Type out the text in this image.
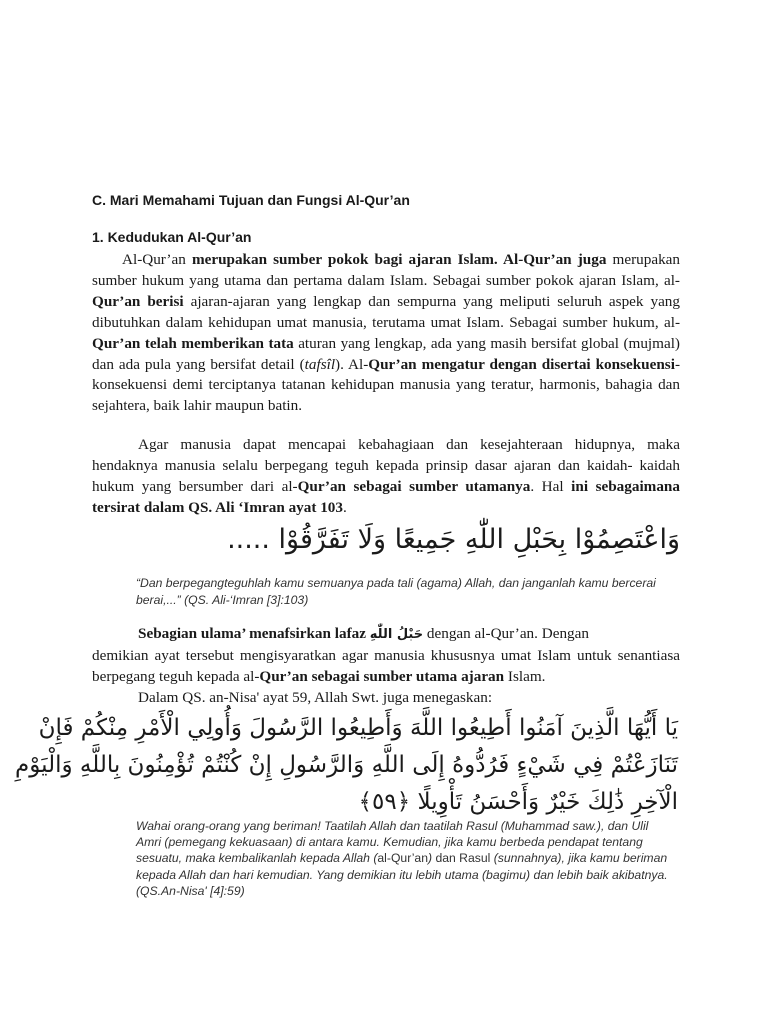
C. Mari Memahami Tujuan dan Fungsi Al-Qur’an
1. Kedudukan Al-Qur’an

Al-Qur’an merupakan sumber pokok bagi ajaran Islam. Al-Qur’an juga merupakan sumber hukum yang utama dan pertama dalam Islam. Sebagai sumber pokok ajaran Islam, al-Qur’an berisi ajaran-ajaran yang lengkap dan sempurna yang meliputi seluruh aspek yang dibutuhkan dalam kehidupan umat manusia, terutama umat Islam. Sebagai sumber hukum, al-Qur’an telah memberikan tata aturan yang lengkap, ada yang masih bersifat global (mujmal) dan ada pula yang bersifat detail (tafsîl). Al-Qur’an mengatur dengan disertai konsekuensi-konsekuensi demi terciptanya tatanan kehidupan manusia yang teratur, harmonis, bahagia dan sejahtera, baik lahir maupun batin.

Agar manusia dapat mencapai kebahagiaan dan kesejahteraan hidupnya, maka hendaknya manusia selalu berpegang teguh kepada prinsip dasar ajaran dan kaidah- kaidah hukum yang bersumber dari al-Qur’an sebagai sumber utamanya. Hal ini sebagaimana tersirat dalam QS. Ali ‘Imran ayat 103.

وَاعْتَصِمُوْا بِحَبْلِ اللّٰهِ جَمِيعًا وَلَا تَفَرَّقُوْا .....

“Dan berpegangteguhlah kamu semuanya pada tali (agama) Allah, dan janganlah kamu bercerai berai,...” (QS. Ali-‘Imran [3]:103)

Sebagian ulama’ menafsirkan lafaz حَبْلُ اللّٰهِ dengan al-Qur’an. Dengan
demikian ayat tersebut mengisyaratkan agar manusia khususnya umat Islam untuk senantiasa berpegang teguh kepada al-Qur’an sebagai sumber utama ajaran Islam.
Dalam QS. an-Nisa' ayat 59, Allah Swt. juga menegaskan:
يَا أَيُّهَا الَّذِينَ آمَنُوا أَطِيعُوا اللَّهَ وَأَطِيعُوا الرَّسُولَ وَأُولِي الْأَمْرِ مِنْكُمْ فَإِنْ
تَنَازَعْتُمْ فِي شَيْءٍ فَرُدُّوهُ إِلَى اللَّهِ وَالرَّسُولِ إِنْ كُنْتُمْ تُؤْمِنُونَ بِاللَّهِ وَالْيَوْمِ
الْآخِرِ ذَٰلِكَ خَيْرٌ وَأَحْسَنُ تَأْوِيلًا ﴿٥٩﴾

Wahai orang-orang yang beriman! Taatilah Allah dan taatilah Rasul (Muhammad saw.), dan Ulil Amri (pemegang kekuasaan) di antara kamu. Kemudian, jika kamu berbeda pendapat tentang sesuatu, maka kembalikanlah kepada Allah (al-Qur’an) dan Rasul (sunnahnya), jika kamu beriman kepada Allah dan hari kemudian. Yang demikian itu lebih utama (bagimu) dan lebih baik akibatnya. (QS.An-Nisa' [4]:59)
